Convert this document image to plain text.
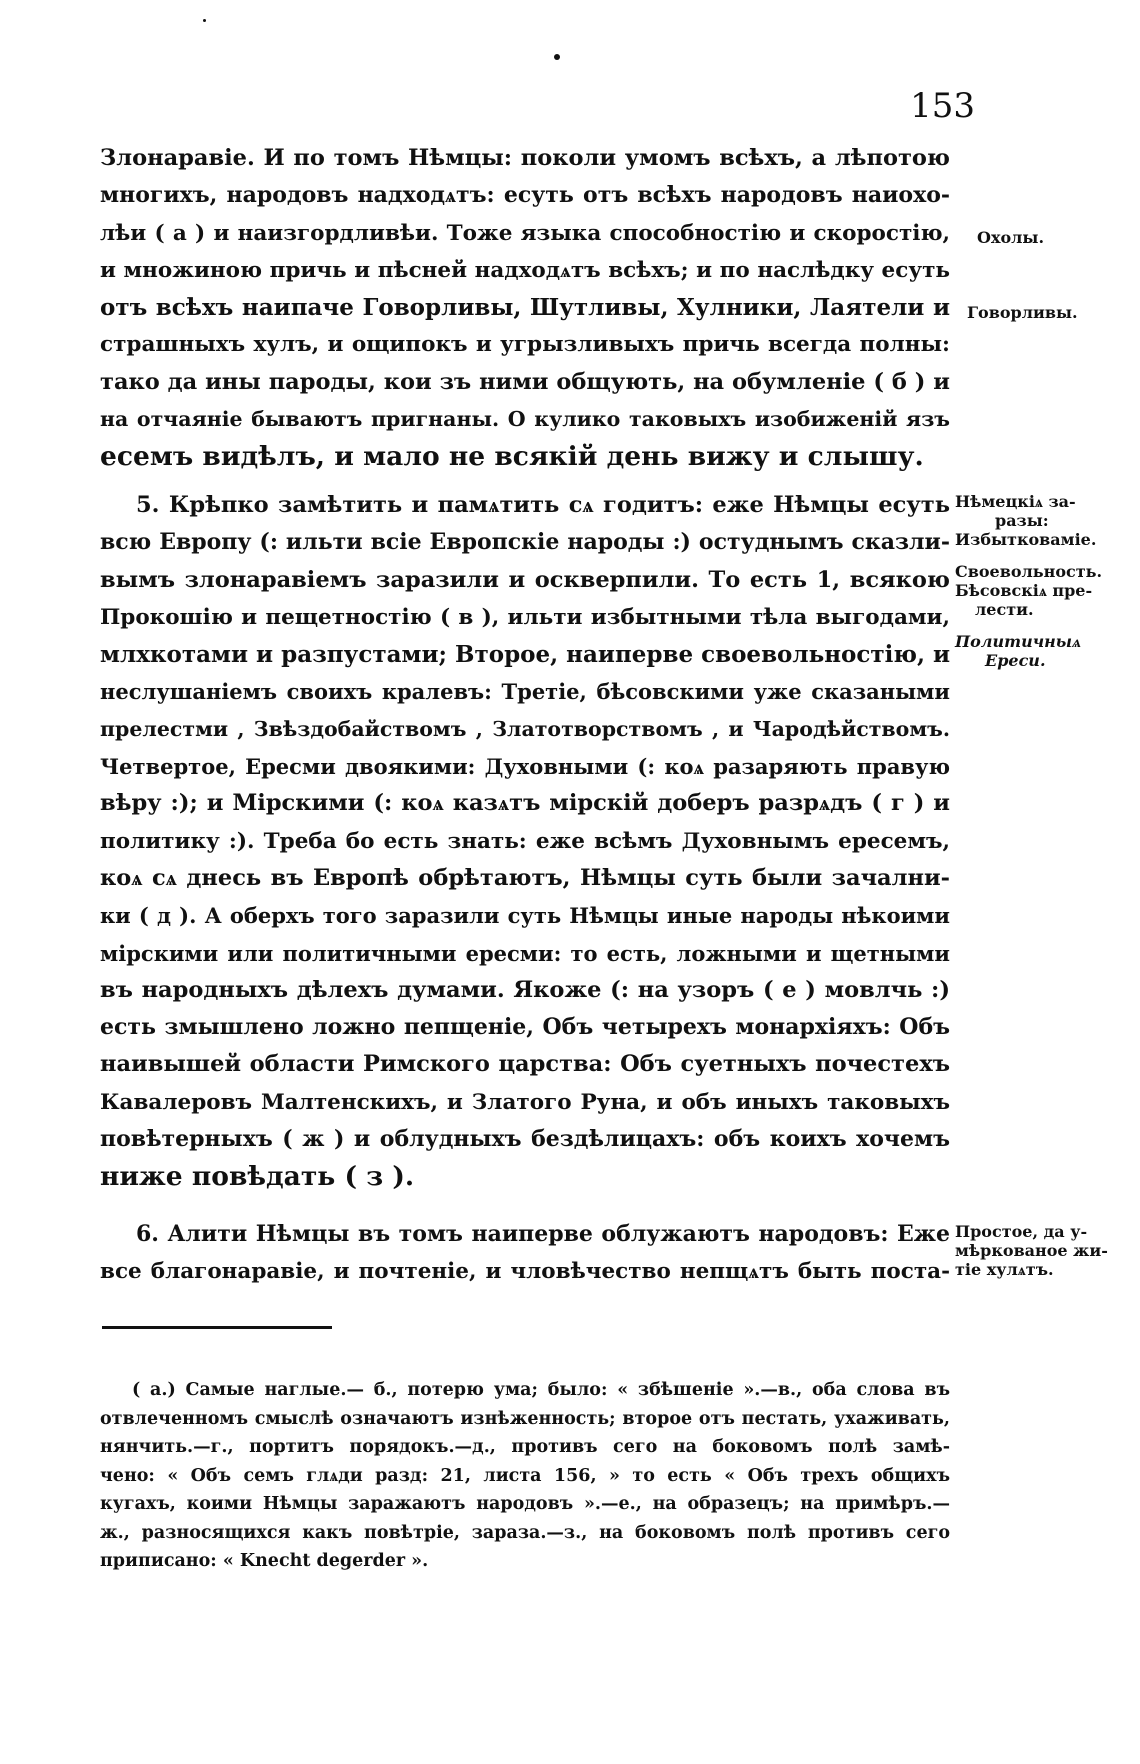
153
Злонаравіе. И по томъ Нѣмцы: поколи умомъ всѣхъ, а лѣпотою
многихъ, народовъ надходѧтъ: есуть отъ всѣхъ народовъ наиохо-
лѣи ( а ) и наизгордливѣи. Тоже языка способностію и скоростію,
и множиною причь и пѣсней надходѧтъ всѣхъ; и по наслѣдку есуть
отъ всѣхъ наипаче Говорливы, Шутливы, Хулники, Лаятели и
страшныхъ хулъ, и ощипокъ и угрызливыхъ причь всегда полны:
тако да ины пароды, кои зъ ними общують, на обумленіе ( б ) и
на отчаяніе бываютъ пригнаны. О кулико таковыхъ изобиженій язъ
есемъ видѣлъ, и мало не всякій день вижу и слышу.
5. Крѣпко замѣтить и памѧтить сѧ годитъ: еже Нѣмцы есуть
всю Европу (: ильти всіе Европскіе народы :) остуднымъ сказли-
вымъ злонаравіемъ заразили и оскверпили. То есть 1, всякою
Прокошію и пещетностію ( в ), ильти избытными тѣла выгодами,
млхкотами и разпустами; Второе, наиперве своевольностію, и
неслушаніемъ своихъ кралевъ: Третіе, бѣсовскими уже сказаными
прелестми , Звѣздобайствомъ , Златотворствомъ , и Чародѣйствомъ.
Четвертое, Ересми двоякими: Духовными (: коѧ разаряють правую
вѣру :); и Мірскими (: коѧ казѧтъ мірскій доберъ разрѧдъ ( г ) и
политику :). Треба бо есть знать: еже всѣмъ Духовнымъ ересемъ,
коѧ сѧ днесь въ Европѣ обрѣтаютъ, Нѣмцы суть были зачални-
ки ( д ). А оберхъ того заразили суть Нѣмцы иные народы нѣкоими
мірскими или политичными ересми: то есть, ложными и щетными
въ народныхъ дѣлехъ думами. Якоже (: на узоръ ( е ) мовлчь :)
есть змышлено ложно пепщеніе, Объ четырехъ монархіяхъ: Объ
наивышей области Римского царства: Объ суетныхъ почестехъ
Кавалеровъ Малтенскихъ, и Златого Руна, и объ иныхъ таковыхъ
повѣтерныхъ ( ж ) и облудныхъ бездѣлицахъ: объ коихъ хочемъ
ниже повѣдать ( з ).
6. Алити Нѣмцы въ томъ наиперве облужаютъ народовъ: Еже
все благонаравіе, и почтеніе, и чловѣчество непщѧтъ быть поста-
Охолы.
Говорливы.
Нѣмецкіѧ за-
разы:
Избытковаміе.
Своевольность.
Бѣсовскіѧ пре-
лести.
Политичныѧ
Ереси.
Простое, да у-
мѣркованое жи-
тіе хулѧтъ.
( а.) Самые наглые.— б., потерю ума; было: « збѣшеніе ».—в., оба слова въ
отвлеченномъ смыслѣ означаютъ изнѣженность; второе отъ пестать, ухаживать,
нянчить.—г., портитъ порядокъ.—д., противъ сего на боковомъ полѣ замѣ-
чено: « Объ семъ глѧди разд: 21, листа 156, » то есть « Объ трехъ общихъ
кугахъ, коими Нѣмцы заражаютъ народовъ ».—е., на образецъ; на примѣръ.—
ж., разносящихся какъ повѣтріе, зараза.—з., на боковомъ полѣ противъ сего
приписано: « Knecht degerder ».
